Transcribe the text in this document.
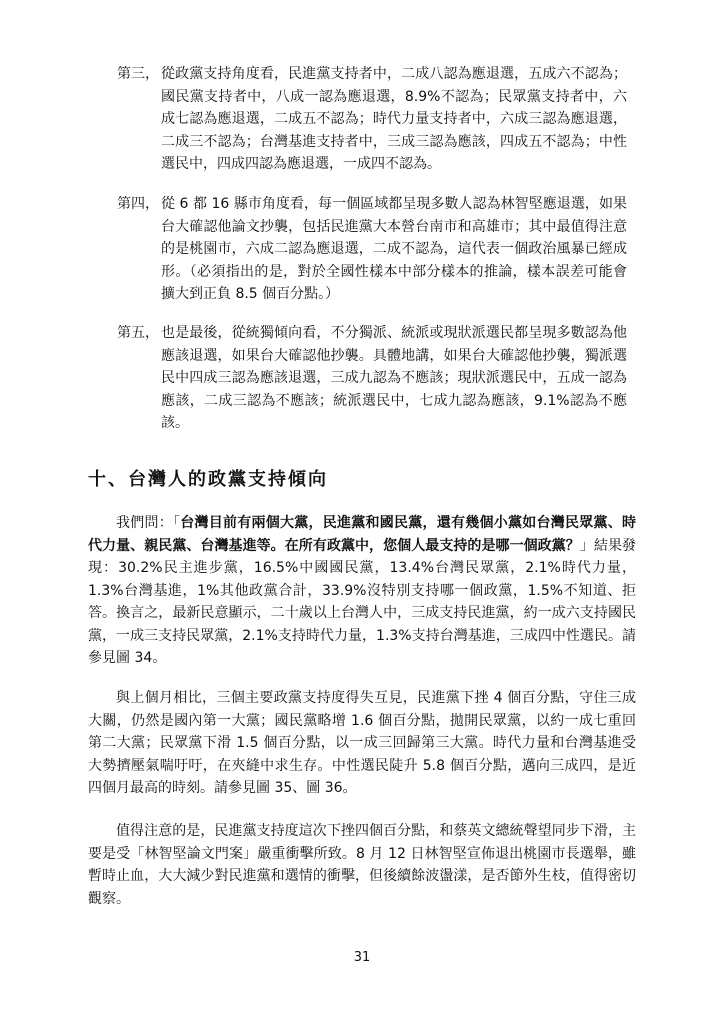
第三， 從政黨支持角度看，民進黨支持者中，二成八認為應退選，五成六不認為；國民黨支持者中，八成一認為應退選，8.9%不認為；民眾黨支持者中，六成七認為應退選，二成五不認為；時代力量支持者中，六成三認為應退選，二成三不認為；台灣基進支持者中，三成三認為應該，四成五不認為；中性選民中，四成四認為應退選，一成四不認為。
第四， 從 6 都 16 縣市角度看，每一個區域都呈現多數人認為林智堅應退選，如果台大確認他論文抄襲，包括民進黨大本營台南市和高雄市；其中最值得注意的是桃園市，六成二認為應退選，二成不認為，這代表一個政治風暴已經成形。（必須指出的是，對於全國性樣本中部分樣本的推論，樣本誤差可能會擴大到正負 8.5 個百分點。）
第五， 也是最後，從統獨傾向看，不分獨派、統派或現狀派選民都呈現多數認為他應該退選，如果台大確認他抄襲。具體地講，如果台大確認他抄襲，獨派選民中四成三認為應該退選，三成九認為不應該；現狀派選民中，五成一認為應該，二成三認為不應該；統派選民中，七成九認為應該，9.1%認為不應該。
十、台灣人的政黨支持傾向
我們問：「台灣目前有兩個大黨，民進黨和國民黨，還有幾個小黨如台灣民眾黨、時代力量、親民黨、台灣基進等。在所有政黨中，您個人最支持的是哪一個政黨？」結果發現：30.2%民主進步黨，16.5%中國國民黨，13.4%台灣民眾黨，2.1%時代力量，1.3%台灣基進，1%其他政黨合計，33.9%沒特別支持哪一個政黨，1.5%不知道、拒答。換言之，最新民意顯示，二十歲以上台灣人中，三成支持民進黨，約一成六支持國民黨，一成三支持民眾黨，2.1%支持時代力量，1.3%支持台灣基進，三成四中性選民。請參見圖 34。
與上個月相比，三個主要政黨支持度得失互見，民進黨下挫 4 個百分點，守住三成大關，仍然是國內第一大黨；國民黨略增 1.6 個百分點，拋開民眾黨，以約一成七重回第二大黨；民眾黨下滑 1.5 個百分點，以一成三回歸第三大黨。時代力量和台灣基進受大勢擠壓氣喘吁吁，在夾縫中求生存。中性選民陡升 5.8 個百分點，邁向三成四，是近四個月最高的時刻。請參見圖 35、圖 36。
值得注意的是，民進黨支持度這次下挫四個百分點，和蔡英文總統聲望同步下滑，主要是受「林智堅論文門案」嚴重衝擊所致。8 月 12 日林智堅宣佈退出桃園市長選舉，雖暫時止血，大大減少對民進黨和選情的衝擊，但後續餘波盪漾，是否節外生枝，值得密切觀察。
31
